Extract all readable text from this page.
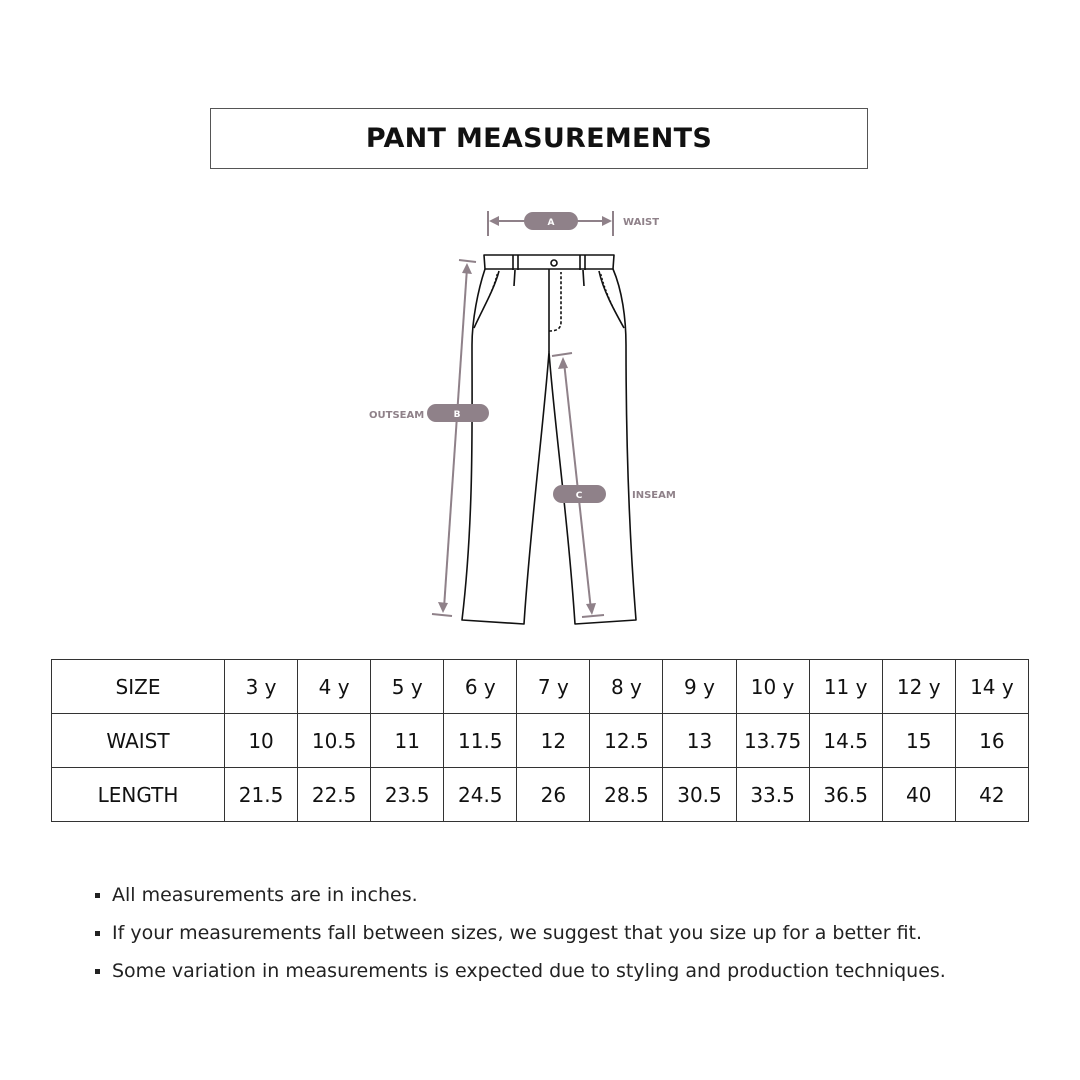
PANT MEASUREMENTS
A	WAIST
B
OUTSEAM
C	INSEAM
SIZE	3 y	4 y	5 y	6 y	7 y	8 y	9 y	10 y	11 y	12 y	14 y
WAIST	10	10.5	11	11.5	12	12.5	13	13.75	14.5	15	16
LENGTH	21.5	22.5	23.5	24.5	26	28.5	30.5	33.5	36.5	40	42
All measurements are in inches.
If your measurements fall between sizes, we suggest that you size up for a better fit.
Some variation in measurements is expected due to styling and production techniques.
